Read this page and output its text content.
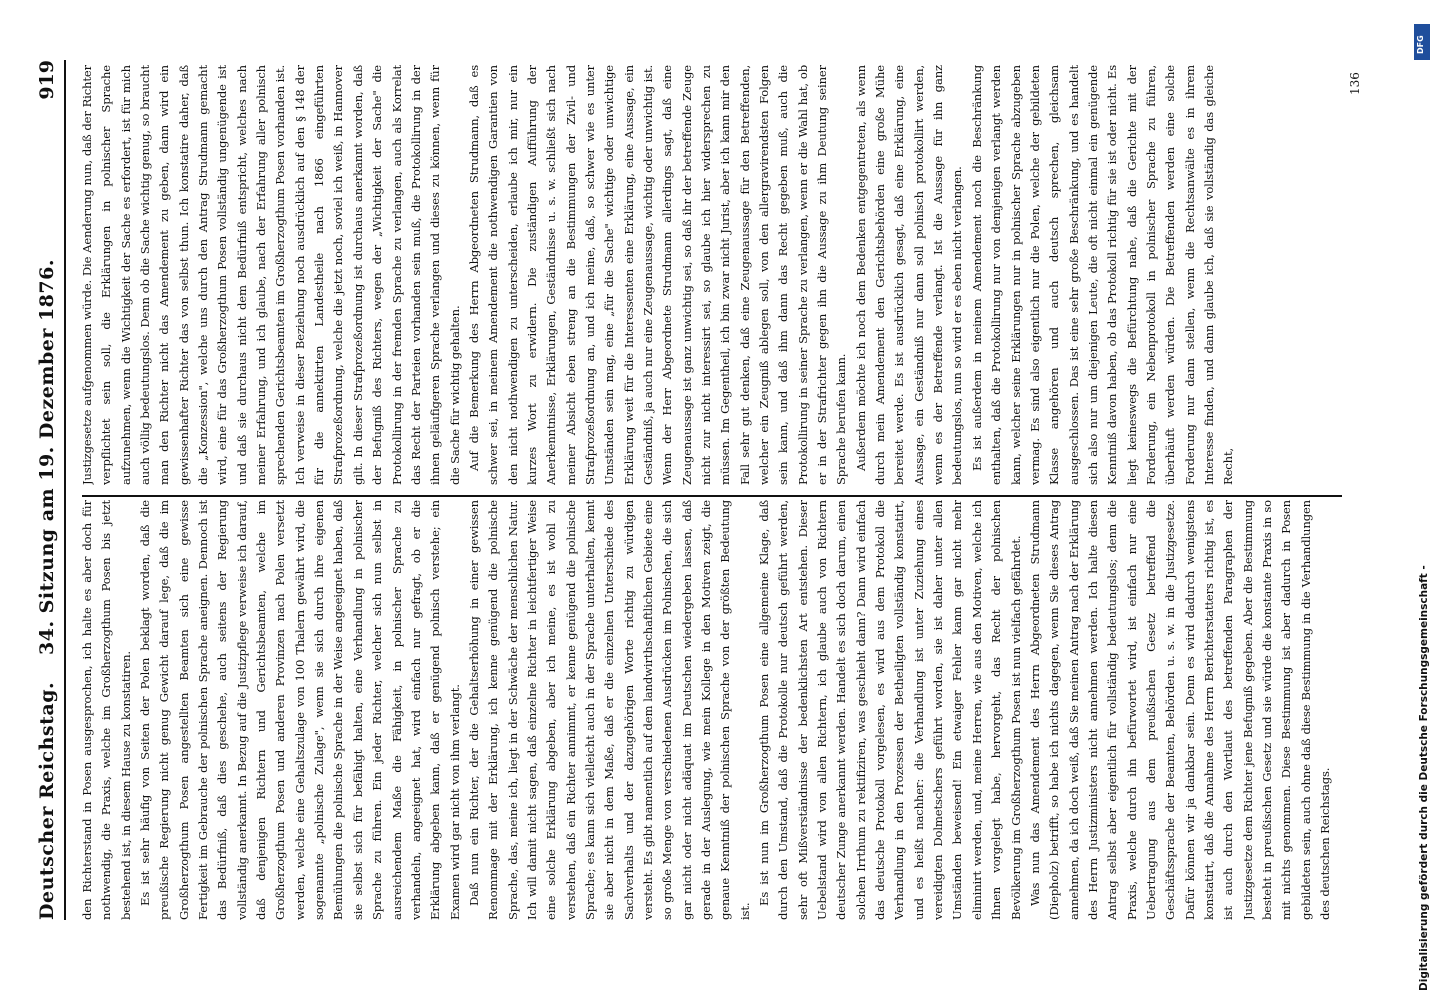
Deutscher Reichstag.
34. Sitzung am 19. Dezember 1876.
919

den Richterstand in Posen ausgesprochen, ich halte es aber doch für nothwendig, die Praxis, welche im Großherzogthum Posen bis jetzt bestehend ist, in diesem Hause zu konstatiren. Es ist sehr häufig von Seiten der Polen beklagt worden, daß die preußische Regierung nicht genug Gewicht darauf lege, daß die im Großherzogthum Posen angestellten Beamten sich eine gewisse Fertigkeit im Gebrauche der polnischen Sprache aneignen. Dennoch ist das Bedürfniß, daß dies geschehe, auch seitens der Regierung vollständig anerkannt. In Bezug auf die Justizpflege verweise ich darauf, daß denjenigen Richtern und Gerichtsbeamten, welche im Großherzogthum Posen und anderen Provinzen nach Polen versetzt werden, welche eine Gehaltszulage von 100 Thalern gewährt wird, die sogenannte „polnische Zulage", wenn sie sich durch ihre eigenen Bemühungen die polnische Sprache in der Weise angeeignet haben, daß sie selbst sich für befähigt halten, eine Verhandlung in polnischer Sprache zu führen. Ein jeder Richter, welcher sich nun selbst in ausreichendem Maße die Fähigkeit, in polnischer Sprache zu verhandeln, angeeignet hat, wird einfach nur gefragt, ob er die Erklärung abgeben kann, daß er genügend polnisch verstehe; ein Examen wird gar nicht von ihm verlangt. Daß nun ein Richter, der die Gehaltserhöhung in einer gewissen Renommage mit der Erklärung, ich kenne genügend die polnische Sprache, das, meine ich, liegt in der Schwäche der menschlichen Natur. Ich will damit nicht sagen, daß einzelne Richter in leichtfertiger Weise eine solche Erklärung abgeben, aber ich meine, es ist wohl zu verstehen, daß ein Richter annimmt, er kenne genügend die polnische Sprache; es kann sich vielleicht auch in der Sprache unterhalten, kennt sie aber nicht in dem Maße, daß er die einzelnen Unterschiede des Sachverhalts und der dazugehörigen Worte richtig zu würdigen versteht. Es gibt namentlich auf dem landwirthschaftlichen Gebiete eine so große Menge von verschiedenen Ausdrücken im Polnischen, die sich gar nicht oder nicht adäquat im Deutschen wiedergeben lassen, daß gerade in der Auslegung, wie mein Kollege in den Motiven zeigt, die genaue Kenntniß der polnischen Sprache von der größten Bedeutung ist.

Es ist nun im Großherzogthum Posen eine allgemeine Klage, daß durch den Umstand, daß die Protokolle nur deutsch geführt werden, sehr oft Mißverständnisse der bedenklichsten Art entstehen. Dieser Uebelstand wird von allen Richtern, ich glaube auch von Richtern deutscher Zunge anerkannt werden. Handelt es sich doch darum, einen solchen Irrthum zu rektifiziren, was geschieht dann? Dann wird einfach das deutsche Protokoll vorgelesen, es wird aus dem Protokoll die Verhandlung in den Prozessen der Betheiligten vollständig konstatirt, und es heißt nachher: die Verhandlung ist unter Zuziehung eines vereidigten Dolmetschers geführt worden, sie ist daher unter allen Umständen beweisend! Ein etwaiger Fehler kann gar nicht mehr eliminirt werden, und, meine Herren, wie aus den Motiven, welche ich Ihnen vorgelegt habe, hervorgeht, das Recht der polnischen Bevölkerung im Großherzogthum Posen ist nun vielfach gefährdet. Was nun das Amendement des Herrn Abgeordneten Strudmann (Diepholz) betrifft, so habe ich nichts dagegen, wenn Sie dieses Antrag annehmen, da ich doch weiß, daß Sie meinen Antrag nach der Erklärung des Herrn Justizministers nicht annehmen werden. Ich halte diesen Antrag selbst aber eigentlich für vollständig bedeutungslos; denn die Praxis, welche durch ihn befürwortet wird, ist einfach nur eine Uebertragung aus dem preußischen Gesetz betreffend die Geschäftssprache der Beamten, Behörden u. s. w. in die Justizgesetze. Dafür können wir ja dankbar sein. Denn es wird dadurch wenigstens konstatirt, daß die Annahme des Herrn Berichterstatters richtig ist, es ist auch durch den Wortlaut des betreffenden Paragraphen der Justizgesetze dem Richter jene Befugniß gegeben. Aber die Bestimmung besteht in preußischen Gesetz und sie würde die konstante Praxis in so mit nichts genommen. Diese Bestimmung ist aber dadurch in Posen gebildeten sein, auch ohne daß diese Bestimmung in die Verhandlungen des deutschen Reichstags.

Justizgesetze aufgenommen würde. Die Aenderung nun, daß der Richter verpflichtet sein soll, die Erklärungen in polnischer Sprache aufzunehmen, wenn die Wichtigkeit der Sache es erfordert, ist für mich auch völlig bedeutungslos. Denn ob die Sache wichtig genug, so braucht man den Richter nicht das Amendement zu geben, dann wird ein gewissenhafter Richter das von selbst thun. Ich konstatire daher, daß die „Konzession", welche uns durch den Antrag Strudmann gemacht wird, eine für das Großherzogthum Posen vollständig ungenügende ist und daß sie durchaus nicht dem Bedürfniß entspricht, welches nach meiner Erfahrung, und ich glaube, nach der Erfahrung aller polnisch sprechenden Gerichtsbeamten im Großherzogthum Posen vorhanden ist. Ich verweise in dieser Beziehung noch ausdrücklich auf den § 148 der für die annektirten Landestheile nach 1866 eingeführten Strafprozeßordnung, welche die jetzt noch, soviel ich weiß, in Hannover gilt. In dieser Strafprozeßordnung ist durchaus anerkannt worden, daß der Befugniß des Richters, wegen der „Wichtigkeit der Sache" die Protokollirung in der fremden Sprache zu verlangen, auch als Korrelat das Recht der Parteien vorhanden sein muß, die Protokollirung in der ihnen geläufigeren Sprache verlangen und dieses zu können, wenn für die Sache für wichtig gehalten. Auf die Bemerkung des Herrn Abgeordneten Strudmann, daß es schwer sei, in meinem Amendement die nothwendigen Garantien von den nicht nothwendigen zu unterscheiden, erlaube ich mir, nur ein kurzes Wort zu erwidern. Die zuständigen Aufführung der Anerkenntnisse, Erklärungen, Geständnisse u. s. w. schließt sich nach meiner Absicht eben streng an die Bestimmungen der Zivil- und Strafprozeßordnung an, und ich meine, daß, so schwer wie es unter Umständen sein mag, eine „für die Sache" wichtige oder unwichtige Erklärung weit für die Interessenten eine Erklärung, eine Aussage, ein Geständniß, ja auch nur eine Zeugenaussage, wichtig oder unwichtig ist. Wenn der Herr Abgeordnete Strudmann allerdings sagt, daß eine Zeugenaussage ist ganz unwichtig sei, so daß ihr der betreffende Zeuge nicht zur nicht interessirt sei, so glaube ich hier widersprechen zu müssen. Im Gegentheil, ich bin zwar nicht Jurist, aber ich kann mir den Fall sehr gut denken, daß eine Zeugenaussage für den Betreffenden, welcher ein Zeugniß ablegen soll, von den allergravirendsten Folgen sein kann, und daß ihm dann das Recht gegeben muß, auch die Protokollirung in seiner Sprache zu verlangen, wenn er die Wahl hat, ob er in der Strafrichter gegen ihn die Aussage zu ihm Deutung seiner Sprache berufen kann. Außerdem möchte ich noch dem Bedenken entgegentreten, als wenn durch mein Amendement den Gerichtsbehörden eine große Mühe bereitet werde. Es ist ausdrücklich gesagt, daß eine Erklärung, eine Aussage, ein Geständniß nur dann soll polnisch protokollirt werden, wenn es der Betreffende verlangt. Ist die Aussage für ihn ganz bedeutungslos, nun so wird er es eben nicht verlangen. Es ist außerdem in meinem Amendement noch die Beschränkung enthalten, daß die Protokollirung nur von demjenigen verlangt werden kann, welcher seine Erklärungen nur in polnischer Sprache abzugeben vermag. Es sind also eigentlich nur die Polen, welche der gebildeten Klasse angehören und auch deutsch sprechen, gleichsam ausgeschlossen. Das ist eine sehr große Beschränkung, und es handelt sich also nur um diejenigen Leute, die oft nicht einmal ein genügende Kenntniß davon haben, ob das Protokoll richtig für sie ist oder nicht. Es liegt keineswegs die Befürchtung nahe, daß die Gerichte mit der Forderung, ein Nebenprotokoll in polnischer Sprache zu führen, überhäuft werden würden. Die Betreffenden werden eine solche Forderung nur dann stellen, wenn die Rechtsanwälte es in ihrem Interesse finden, und dann glaube ich, daß sie vollständig das gleiche Recht,

136
DFG
Digitalisierung gefördert durch die Deutsche Forschungsgemeinschaft -
